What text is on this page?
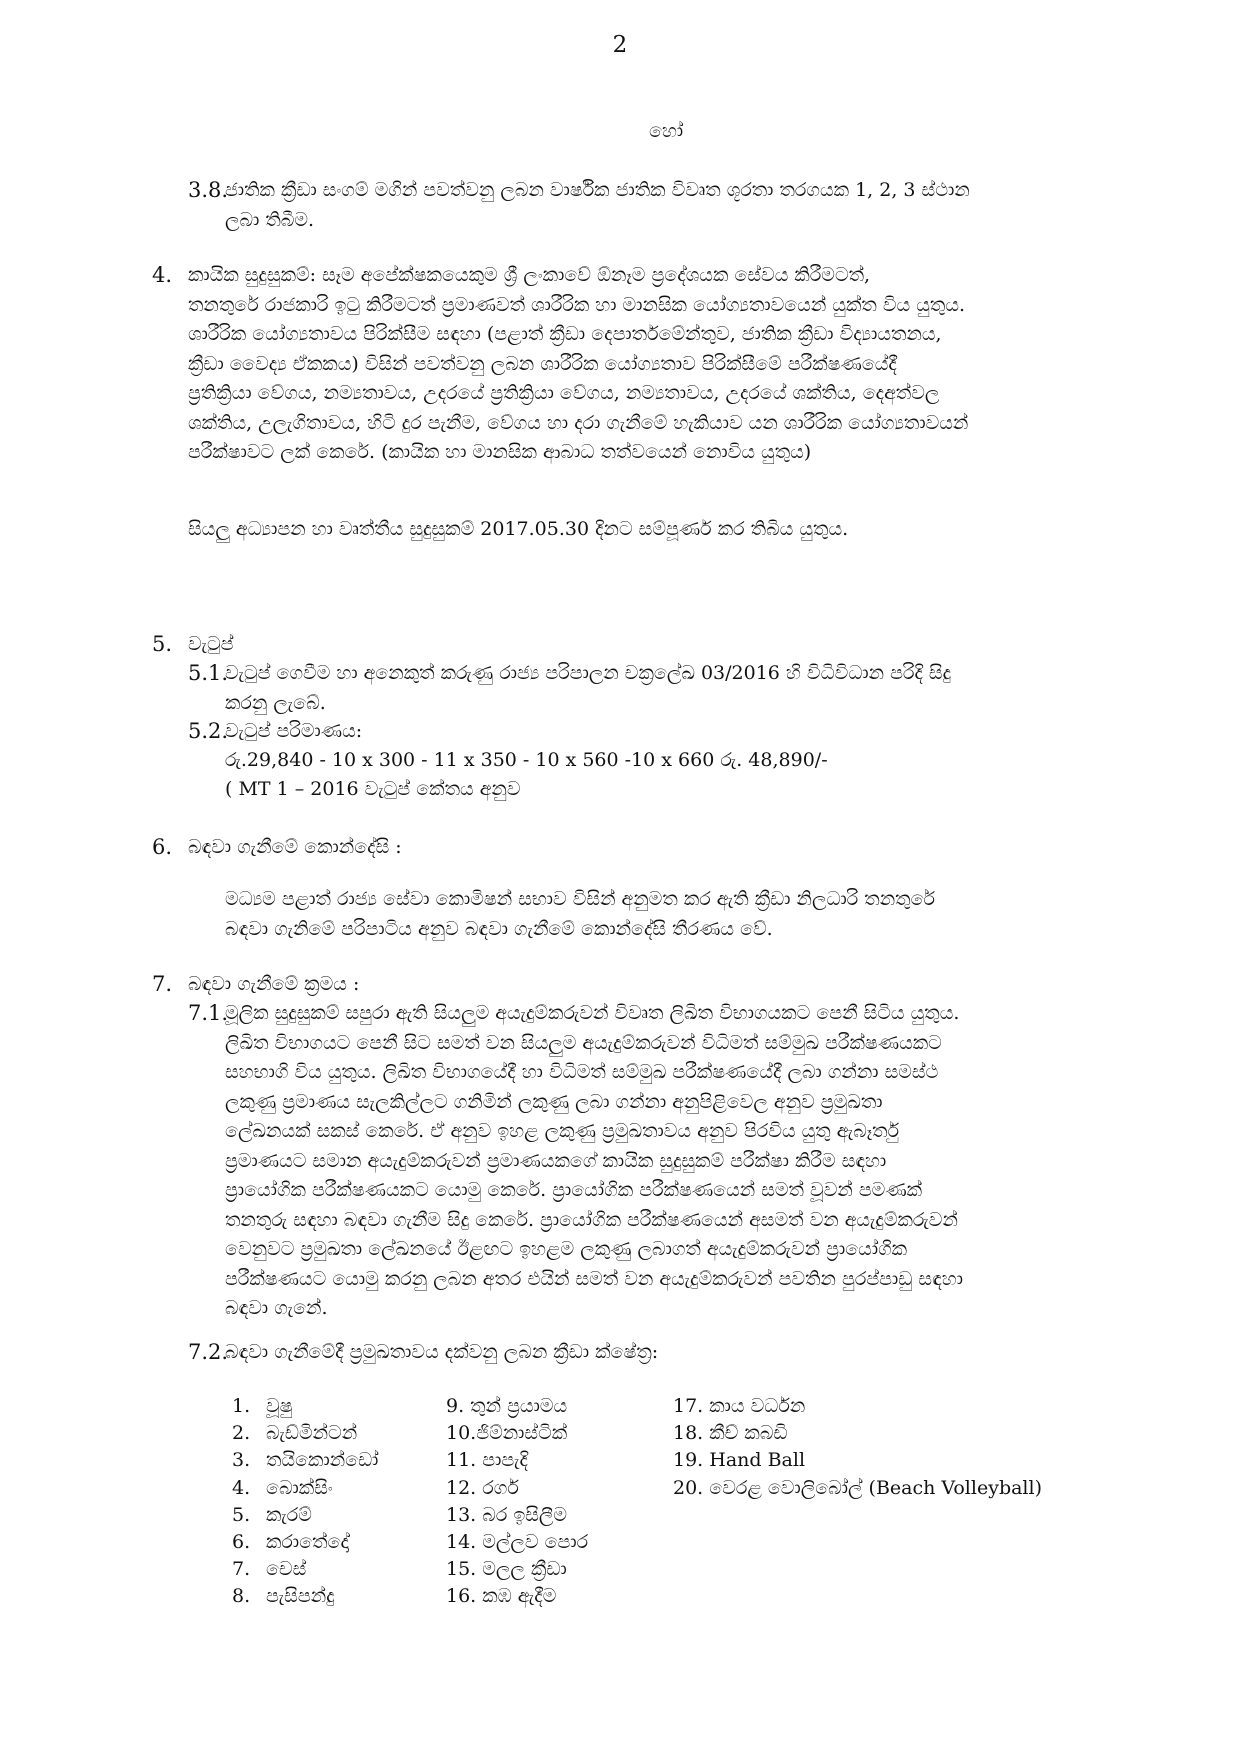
2
හෝ
3.8.
ජාතික ක්‍රීඩා සංගම් මගින් පවත්වනු ලබන වාර්ෂික ජාතික විවෘත ශූරතා තරගයක 1, 2, 3 ස්ථාන
ලබා තිබීම.
4. කායික සුදුසුකම්: සෑම අපේක්ෂකයෙකුම ශ්‍රී ලංකාවේ ඕනෑම ප්‍රදේශයක සේවය කිරීමටත්,
තනතුරේ රාජකාරි ඉටු කිරීමටත් ප්‍රමාණවත් ශාරීරික හා මානසික යෝග්‍යතාවයෙන් යුක්ත විය යුතුය.
ශාරීරික යෝග්‍යතාවය පිරික්සීම සඳහා (පළාත් ක්‍රීඩා දෙපාර්තමේන්තුව, ජාතික ක්‍රීඩා විද්‍යායතනය,
ක්‍රීඩා වෛද්‍ය ඒකකය) විසින් පවත්වනු ලබන ශාරීරික යෝග්‍යතාව පිරික්සීමේ පරීක්ෂණයේදී
ප්‍රතික්‍රියා වේගය, නම්‍යතාවය, උදරයේ ප්‍රතික්‍රියා වේගය, නම්‍යතාවය, උදරයේ ශක්තිය, දෙඅත්වල
ශක්තිය, උලැගිතාවය, හිටි දුර පැනීම, වේගය හා දරා ගැනීමේ හැකියාව යන ශාරීරික යෝග්‍යතාවයන්
පරීක්ෂාවට ලක් කෙරේ. (කායික හා මානසික ආබාධ තත්වයෙන් නොවිය යුතුය)
සියලු අධ්‍යාපන හා වෘත්තීය සුදුසුකම් 2017.05.30 දිනට සම්පූර්ණ කර තිබිය යුතුය.
5. වැටුප්
5.1.
වැටුප් ගෙවීම හා අනෙකුත් කරුණු රාජ්‍ය පරිපාලන චක්‍රලේඛ 03/2016 හි විධිවිධාන පරිදි සිදු
කරනු ලැබේ.
5.2.
වැටුප් පරිමාණය:
රු.29,840 - 10 x 300 - 11 x 350 - 10 x 560 -10 x 660 රු. 48,890/-
( MT 1 – 2016 වැටුප් කේතය අනුව
6. බඳවා ගැනීමේ කොන්දේසි :
මධ්‍යම පළාත් රාජ්‍ය සේවා කොමිෂන් සභාව විසින් අනුමත කර ඇති ක්‍රීඩා නිලධාරි තනතුරේ
බඳවා ගැනිමේ පරිපාටිය අනුව බඳවා ගැනීමේ කොන්දේසි තීරණය වේ.
7. බඳවා ගැනීමේ ක්‍රමය :
7.1.
මූලික සුදුසුකම් සපුරා ඇති සියලුම අයැදුම්කරුවන් විවෘත ලිඛිත විභාගයකට පෙනී සිටිය යුතුය.
ලිඛිත විභාගයට පෙනී සිට සමත් වන සියලුම අයැදුම්කරුවන් විධිමත් සම්මුඛ පරීක්ෂණයකට
සහභාගි විය යුතුය. ලිඛිත විභාගයේදී හා විධිමත් සම්මුඛ පරීක්ෂණයේදී ලබා ගන්නා සමස්ථ
ලකුණු ප්‍රමාණය සැලකිල්ලට ගනිමින් ලකුණු ලබා ගන්නා අනුපිළිවෙල අනුව ප්‍රමුඛතා
ලේඛනයක් සකස් කෙරේ. ඒ අනුව ඉහළ ලකුණු ප්‍රමුඛතාවය අනුව පිරවිය යුතු ඇබෑර්තු
ප්‍රමාණයට සමාන අයැදුම්කරුවන් ප්‍රමාණයකගේ කායික සුදුසුකම් පරීක්ෂා කිරීම සඳහා
ප්‍රායෝගික පරීක්ෂණයකට යොමු කෙරේ. ප්‍රායෝගික පරීක්ෂණයෙන් සමත් වූවන් පමණක්
තනතුරු සඳහා බඳවා ගැනීම සිදු කෙරේ. ප්‍රායෝගික පරීක්ෂණයෙන් අසමත් වන අයැදුම්කරුවන්
වෙනුවට ප්‍රමුඛතා ලේඛනයේ ඊළඟට ඉහළම ලකුණු ලබාගත් අයැදුම්කරුවන් ප්‍රායෝගික
පරීක්ෂණයට යොමු කරනු ලබන අතර එයින් සමත් වන අයැදුම්කරුවන් පවතින පුරප්පාඩු සඳහා
බඳවා ගැනේ.
7.2.
බඳවා ගැනීමේදී ප්‍රමුඛතාවය දක්වනු ලබන ක්‍රීඩා ක්ෂේත්‍ර:
1. වූෂු
2. බැඩ්මින්ටන්
3. තයිකොන්ඩෝ
4. බොක්සිං
5. කැරම්
6. කරාතේදෝ
7. චෙස්
8. පැසිපන්දු
9. තුන් ප්‍රයාමය
10.ජිම්නාස්ටික්
11. පාපැදි
12. රගර්
13. බර ඉසිලීම
14. මල්ලව පොර
15. මලල ක්‍රීඩා
16. කඹ ඇදීම
17. කාය වර්ධන
18. කීච් කබඩි
19. Hand Ball
20. වෙරළ වොලිබෝල් (Beach Volleyball)
